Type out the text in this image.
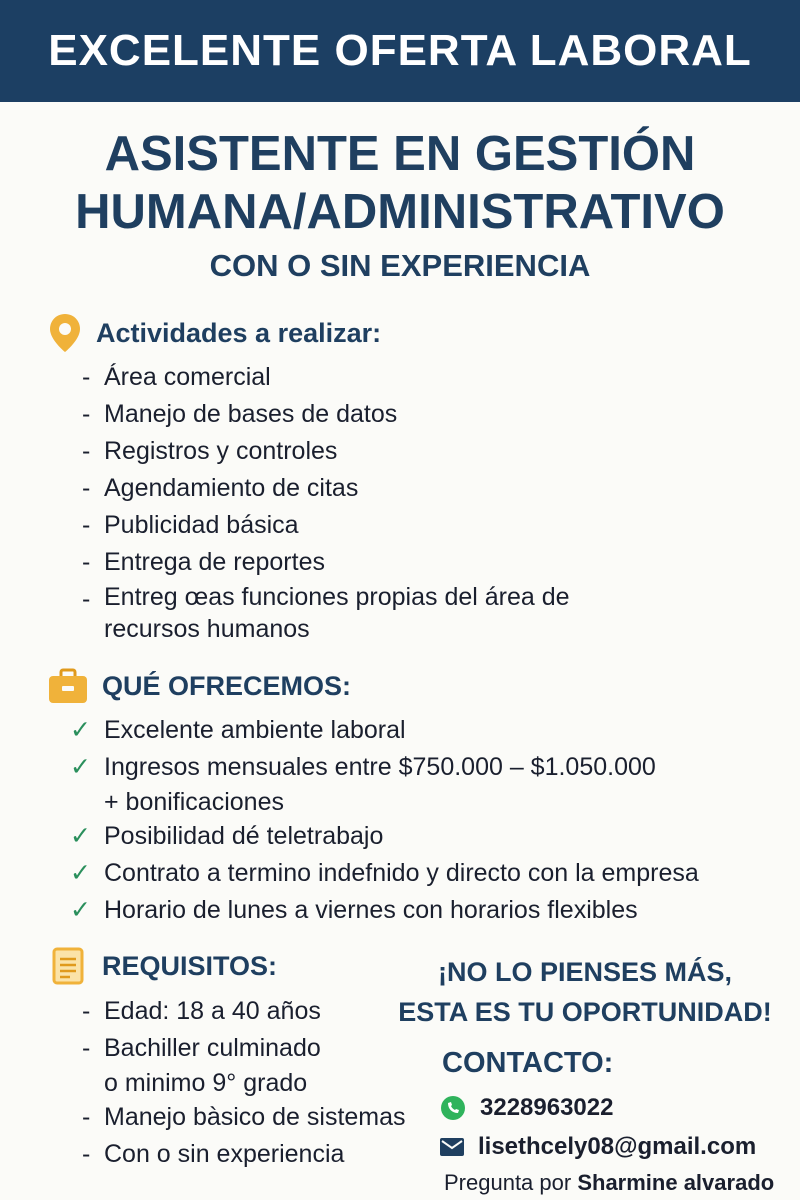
EXCELENTE OFERTA LABORAL
ASISTENTE EN GESTIÓN
HUMANA/ADMINISTRATIVO
CON O SIN EXPERIENCIA
Actividades a realizar:
- Área comercial
- Manejo de bases de datos
- Registros y controles
- Agendamiento de citas
- Publicidad básica
- Entrega de reportes
- Entreg œas funciones propias del área de
recursos humanos
QUÉ OFRECEMOS:
✓ Excelente ambiente laboral
✓ Ingresos mensuales entre $750.000 – $1.050.000
+ bonificaciones
✓ Posibilidad dé teletrabajo
✓ Contrato a termino indefnido y directo con la empresa
✓ Horario de lunes a viernes con horarios flexibles
REQUISITOS:
- Edad: 18 a 40 años
- Bachiller culminado
o minimo 9° grado
- Manejo bàsico de sistemas
- Con o sin experiencia
¡NO LO PIENSES MÁS,
ESTA ES TU OPORTUNIDAD!
CONTACTO:
3228963022
lisethcely08@gmail.com
Pregunta por Sharmine alvarado
